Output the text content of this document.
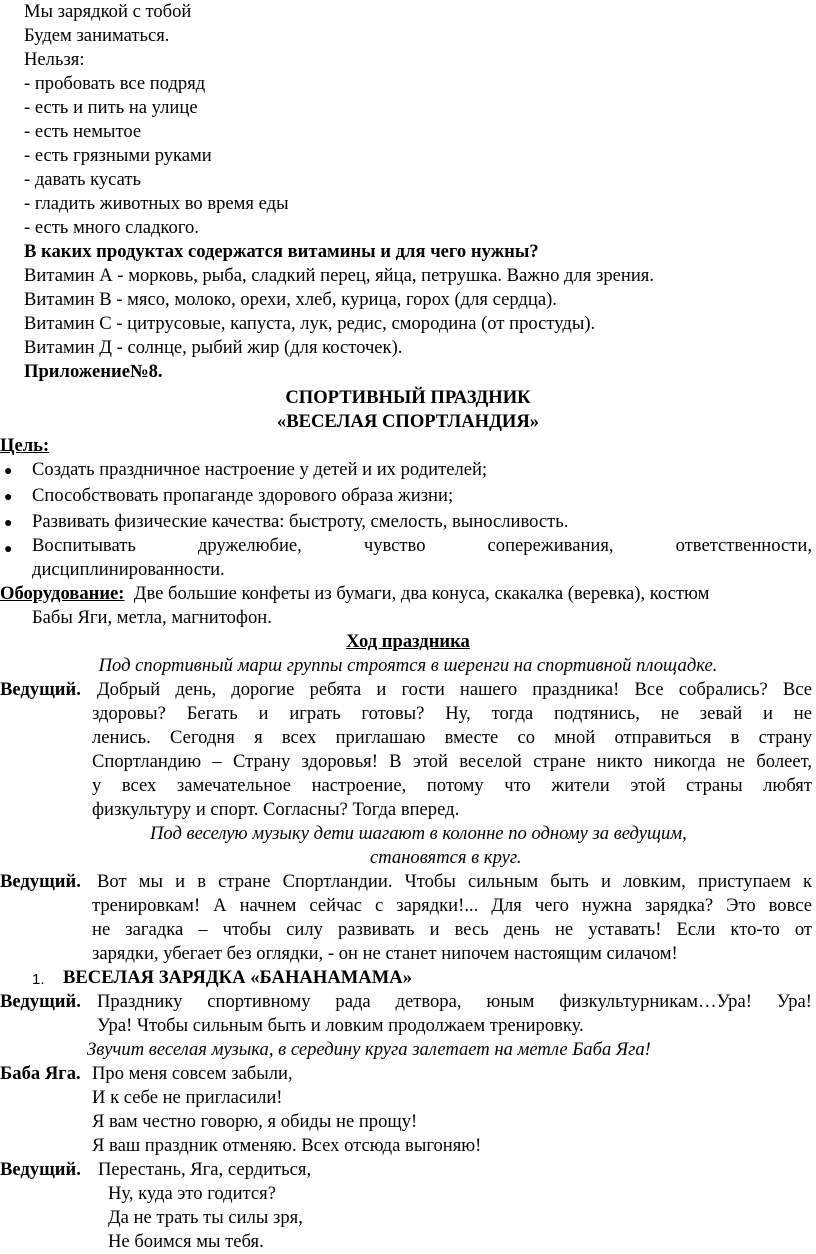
Мы зарядкой с тобой
Будем заниматься.
Нельзя:
- пробовать все подряд
- есть и пить на улице
- есть немытое
- есть грязными руками
- давать кусать
- гладить животных во время еды
- есть много сладкого.
В каких продуктах содержатся витамины и для чего нужны?
Витамин А - морковь, рыба, сладкий перец, яйца, петрушка. Важно для зрения.
Витамин В - мясо, молоко, орехи, хлеб, курица, горох (для сердца).
Витамин С - цитрусовые, капуста, лук, редис, смородина (от простуды).
Витамин Д - солнце, рыбий жир (для косточек).
Приложение№8.
СПОРТИВНЫЙ ПРАЗДНИК
«ВЕСЕЛАЯ СПОРТЛАНДИЯ»
Цель:
● Создать праздничное настроение у детей и их родителей;
● Способствовать пропаганде здорового образа жизни;
● Развивать физические качества: быстроту, смелость, выносливость.
● Воспитывать дружелюбие, чувство сопереживания, ответственности,
дисциплинированности.
Оборудование: Две большие конфеты из бумаги, два конуса, скакалка (веревка), костюм
Бабы Яги, метла, магнитофон.
Ход праздника
Под спортивный марш группы строятся в шеренги на спортивной площадке.
Ведущий. Добрый день, дорогие ребята и гости нашего праздника! Все собрались? Все
здоровы? Бегать и играть готовы? Ну, тогда подтянись, не зевай и не
ленись. Сегодня я всех приглашаю вместе со мной отправиться в страну
Спортландию – Страну здоровья! В этой веселой стране никто никогда не болеет,
у всех замечательное настроение, потому что жители этой страны любят
физкультуру и спорт. Согласны? Тогда вперед.
Под веселую музыку дети шагают в колонне по одному за ведущим,
становятся в круг.
Ведущий. Вот мы и в стране Спортландии. Чтобы сильным быть и ловким, приступаем к
тренировкам! А начнем сейчас с зарядки!... Для чего нужна зарядка? Это вовсе
не загадка – чтобы силу развивать и весь день не уставать! Если кто-то от
зарядки, убегает без оглядки, - он не станет нипочем настоящим силачом!
1. ВЕСЕЛАЯ ЗАРЯДКА «БАНАНАМАМА»
Ведущий. Празднику спортивному рада детвора, юным физкультурникам…Ура! Ура!
Ура! Чтобы сильным быть и ловким продолжаем тренировку.
Звучит веселая музыка, в середину круга залетает на метле Баба Яга!
Баба Яга. Про меня совсем забыли,
И к себе не пригласили!
Я вам честно говорю, я обиды не прощу!
Я ваш праздник отменяю. Всех отсюда выгоняю!
Ведущий. Перестань, Яга, сердиться,
Ну, куда это годится?
Да не трать ты силы зря,
Не боимся мы тебя.
